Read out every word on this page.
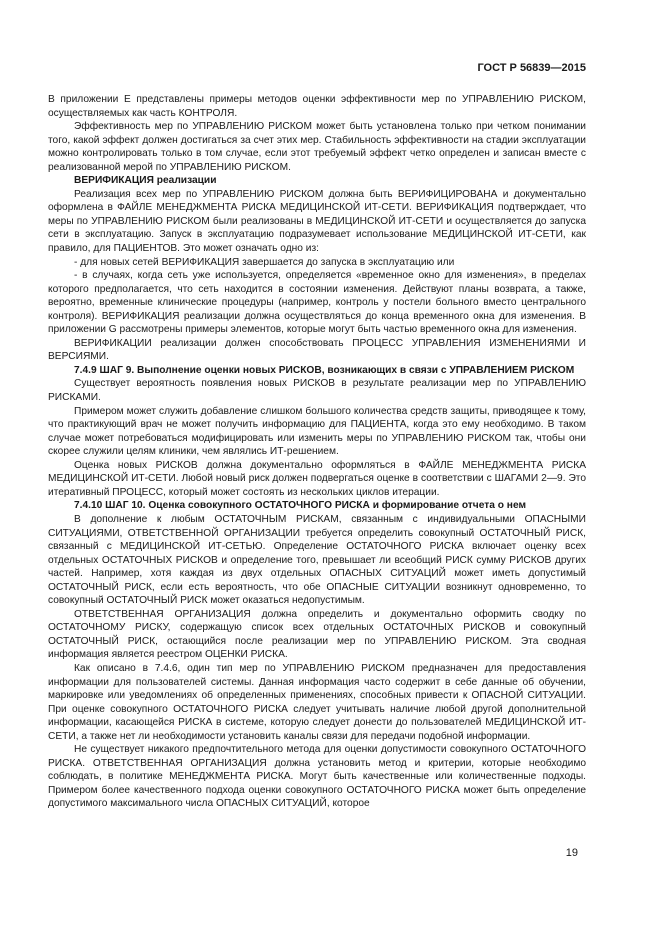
ГОСТ Р 56839—2015

В приложении Е представлены примеры методов оценки эффективности мер по УПРАВЛЕНИЮ РИСКОМ, осуществляемых как часть КОНТРОЛЯ.

Эффективность мер по УПРАВЛЕНИЮ РИСКОМ может быть установлена только при четком понимании того, какой эффект должен достигаться за счет этих мер. Стабильность эффективности на стадии эксплуатации можно контролировать только в том случае, если этот требуемый эффект четко определен и записан вместе с реализованной мерой по УПРАВЛЕНИЮ РИСКОМ.

ВЕРИФИКАЦИЯ реализации

Реализация всех мер по УПРАВЛЕНИЮ РИСКОМ должна быть ВЕРИФИЦИРОВАНА и документально оформлена в ФАЙЛЕ МЕНЕДЖМЕНТА РИСКА МЕДИЦИНСКОЙ ИТ-СЕТИ. ВЕРИФИКАЦИЯ подтверждает, что меры по УПРАВЛЕНИЮ РИСКОМ были реализованы в МЕДИЦИНСКОЙ ИТ-СЕТИ и осуществляется до запуска сети в эксплуатацию. Запуск в эксплуатацию подразумевает использование МЕДИЦИНСКОЙ ИТ-СЕТИ, как правило, для ПАЦИЕНТОВ. Это может означать одно из:

- для новых сетей ВЕРИФИКАЦИЯ завершается до запуска в эксплуатацию или

- в случаях, когда сеть уже используется, определяется «временное окно для изменения», в пределах которого предполагается, что сеть находится в состоянии изменения. Действуют планы возврата, а также, вероятно, временные клинические процедуры (например, контроль у постели больного вместо центрального контроля). ВЕРИФИКАЦИЯ реализации должна осуществляться до конца временного окна для изменения. В приложении G рассмотрены примеры элементов, которые могут быть частью временного окна для изменения.

ВЕРИФИКАЦИИ реализации должен способствовать ПРОЦЕСС УПРАВЛЕНИЯ ИЗМЕНЕНИЯМИ И ВЕРСИЯМИ.

7.4.9 ШАГ 9. Выполнение оценки новых РИСКОВ, возникающих в связи с УПРАВЛЕНИЕМ РИСКОМ

Существует вероятность появления новых РИСКОВ в результате реализации мер по УПРАВЛЕНИЮ РИСКАМИ.

Примером может служить добавление слишком большого количества средств защиты, приводящее к тому, что практикующий врач не может получить информацию для ПАЦИЕНТА, когда это ему необходимо. В таком случае может потребоваться модифицировать или изменить меры по УПРАВЛЕНИЮ РИСКОМ так, чтобы они скорее служили целям клиники, чем являлись ИТ-решением.

Оценка новых РИСКОВ должна документально оформляться в ФАЙЛЕ МЕНЕДЖМЕНТА РИСКА МЕДИЦИНСКОЙ ИТ-СЕТИ. Любой новый риск должен подвергаться оценке в соответствии с ШАГАМИ 2—9. Это итеративный ПРОЦЕСС, который может состоять из нескольких циклов итерации.

7.4.10 ШАГ 10. Оценка совокупного ОСТАТОЧНОГО РИСКА и формирование отчета о нем

В дополнение к любым ОСТАТОЧНЫМ РИСКАМ, связанным с индивидуальными ОПАСНЫМИ СИТУАЦИЯМИ, ОТВЕТСТВЕННОЙ ОРГАНИЗАЦИИ требуется определить совокупный ОСТАТОЧНЫЙ РИСК, связанный с МЕДИЦИНСКОЙ ИТ-СЕТЬЮ. Определение ОСТАТОЧНОГО РИСКА включает оценку всех отдельных ОСТАТОЧНЫХ РИСКОВ и определение того, превышает ли всеобщий РИСК сумму РИСКОВ других частей. Например, хотя каждая из двух отдельных ОПАСНЫХ СИТУАЦИЙ может иметь допустимый ОСТАТОЧНЫЙ РИСК, если есть вероятность, что обе ОПАСНЫЕ СИТУАЦИИ возникнут одновременно, то совокупный ОСТАТОЧНЫЙ РИСК может оказаться недопустимым.

ОТВЕТСТВЕННАЯ ОРГАНИЗАЦИЯ должна определить и документально оформить сводку по ОСТАТОЧНОМУ РИСКУ, содержащую список всех отдельных ОСТАТОЧНЫХ РИСКОВ и совокупный ОСТАТОЧНЫЙ РИСК, остающийся после реализации мер по УПРАВЛЕНИЮ РИСКОМ. Эта сводная информация является реестром ОЦЕНКИ РИСКА.

Как описано в 7.4.6, один тип мер по УПРАВЛЕНИЮ РИСКОМ предназначен для предоставления информации для пользователей системы. Данная информация часто содержит в себе данные об обучении, маркировке или уведомлениях об определенных применениях, способных привести к ОПАСНОЙ СИТУАЦИИ. При оценке совокупного ОСТАТОЧНОГО РИСКА следует учитывать наличие любой другой дополнительной информации, касающейся РИСКА в системе, которую следует донести до пользователей МЕДИЦИНСКОЙ ИТ-СЕТИ, а также нет ли необходимости установить каналы связи для передачи подобной информации.

Не существует никакого предпочтительного метода для оценки допустимости совокупного ОСТАТОЧНОГО РИСКА. ОТВЕТСТВЕННАЯ ОРГАНИЗАЦИЯ должна установить метод и критерии, которые необходимо соблюдать, в политике МЕНЕДЖМЕНТА РИСКА. Могут быть качественные или количественные подходы. Примером более качественного подхода оценки совокупного ОСТАТОЧНОГО РИСКА может быть определение допустимого максимального числа ОПАСНЫХ СИТУАЦИЙ, которое

19
